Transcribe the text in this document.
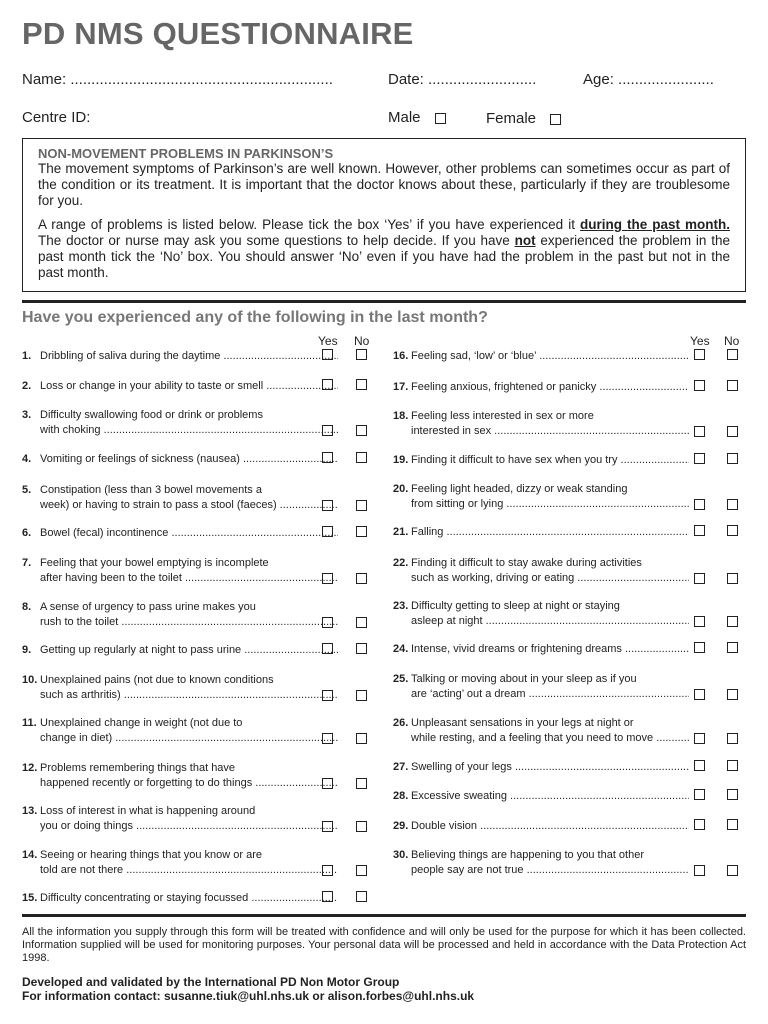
PD NMS QUESTIONNAIRE
Name: ...............................................................	Date: ..........................	Age: .......................
Centre ID:	Male	Female
NON-MOVEMENT PROBLEMS IN PARKINSON’S

The movement symptoms of Parkinson’s are well known. However, other problems can sometimes occur as part of the condition or its treatment. It is important that the doctor knows about these, particularly if they are troublesome for you.

A range of problems is listed below. Please tick the box ‘Yes’ if you have experienced it during the past month. The doctor or nurse may ask you some questions to help decide. If you have not experienced the problem in the past month tick the ‘No’ box. You should answer ‘No’ even if you have had the problem in the past but not in the past month.

Have you experienced any of the following in the last month?
Yes No	Yes No
1. Dribbling of saliva during the daytime .....
2. Loss or change in your ability to taste or smell .....
3. Difficulty swallowing food or drink or problems
with choking .....
4. Vomiting or feelings of sickness (nausea) .....
5. Constipation (less than 3 bowel movements a
week) or having to strain to pass a stool (faeces) .....
6. Bowel (fecal) incontinence .....
7. Feeling that your bowel emptying is incomplete
after having been to the toilet .....
8. A sense of urgency to pass urine makes you
rush to the toilet .....
9. Getting up regularly at night to pass urine .....
10. Unexplained pains (not due to known conditions
such as arthritis) .....
11. Unexplained change in weight (not due to
change in diet) .....
12. Problems remembering things that have
happened recently or forgetting to do things .....
13. Loss of interest in what is happening around
you or doing things .....
14. Seeing or hearing things that you know or are
told are not there .....
15. Difficulty concentrating or staying focussed .....
16. Feeling sad, ‘low’ or ‘blue’ .....
17. Feeling anxious, frightened or panicky .....
18. Feeling less interested in sex or more
interested in sex .....
19. Finding it difficult to have sex when you try .....
20. Feeling light headed, dizzy or weak standing
from sitting or lying .....
21. Falling .....
22. Finding it difficult to stay awake during activities
such as working, driving or eating .....
23. Difficulty getting to sleep at night or staying
asleep at night .....
24. Intense, vivid dreams or frightening dreams .....
25. Talking or moving about in your sleep as if you
are ‘acting’ out a dream .....
26. Unpleasant sensations in your legs at night or
while resting, and a feeling that you need to move .....
27. Swelling of your legs .....
28. Excessive sweating .....
29. Double vision .....
30. Believing things are happening to you that other
people say are not true .....
All the information you supply through this form will be treated with confidence and will only be used for the purpose for which it has been collected. Information supplied will be used for monitoring purposes. Your personal data will be processed and held in accordance with the Data Protection Act 1998.
Developed and validated by the International PD Non Motor Group
For information contact: susanne.tiuk@uhl.nhs.uk or alison.forbes@uhl.nhs.uk
